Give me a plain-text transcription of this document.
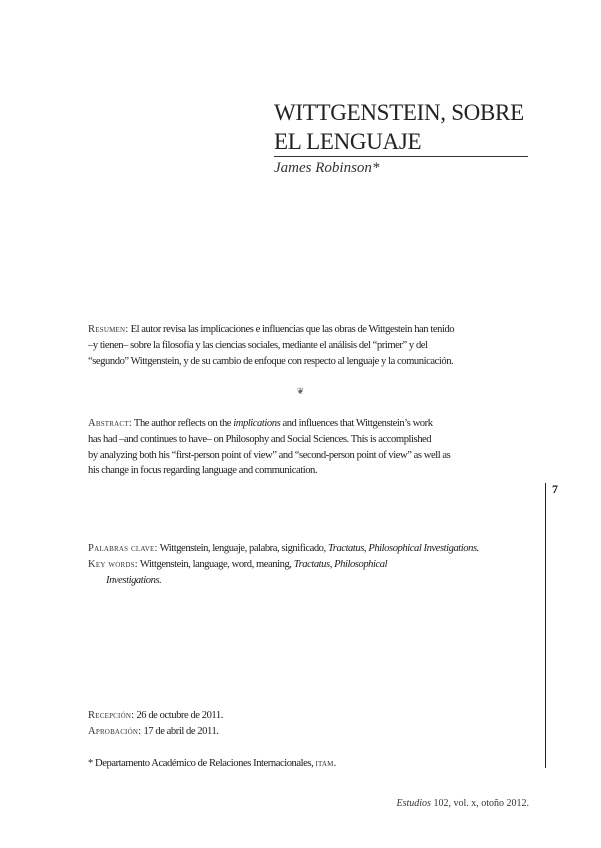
WITTGENSTEIN, SOBRE
EL LENGUAJE
James Robinson*
Resumen: El autor revisa las implicaciones e influencias que las obras de Wittgestein han tenido
–y tienen– sobre la filosofía y las ciencias sociales, mediante el análisis del “primer” y del
“segundo” Wittgenstein, y de su cambio de enfoque con respecto al lenguaje y la comunicación.
❦
Abstract: The author reflects on the implications and influences that Wittgenstein’s work
has had –and continues to have– on Philosophy and Social Sciences. This is accomplished
by analyzing both his “first-person point of view” and “second-person point of view” as well as
his change in focus regarding language and communication.
Palabras clave: Wittgenstein, lenguaje, palabra, significado, Tractatus, Philosophical Investigations.
Key words: Wittgenstein, language, word, meaning, Tractatus, Philosophical
Investigations.
Recepción: 26 de octubre de 2011.
Aprobación: 17 de abril de 2011.
* Departamento Académico de Relaciones Internacionales, itam.
7
Estudios 102, vol. x, otoño 2012.
